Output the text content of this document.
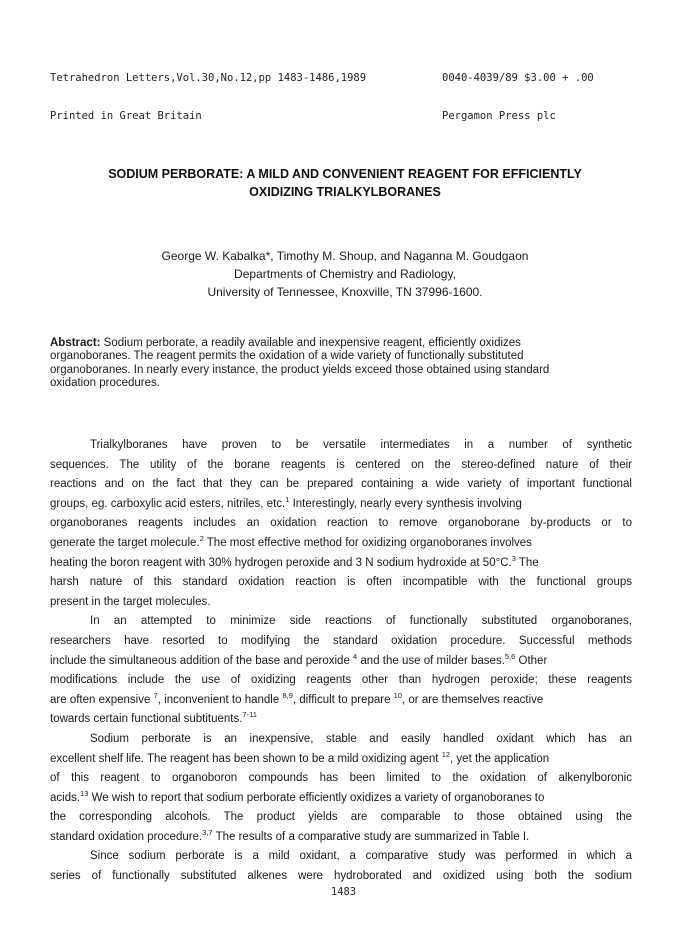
Tetrahedron Letters,Vol.30,No.12,pp 1483-1486,1989

Printed in Great Britain

0040-4039/89 $3.00 + .00

Pergamon Press plc

SODIUM PERBORATE: A MILD AND CONVENIENT REAGENT FOR EFFICIENTLY
OXIDIZING TRIALKYLBORANES
George W. Kabalka*, Timothy M. Shoup, and Naganna M. Goudgaon
Departments of Chemistry and Radiology,
University of Tennessee, Knoxville, TN 37996-1600.
Abstract: Sodium perborate, a readily available and inexpensive reagent, efficiently oxidizes
organoboranes. The reagent permits the oxidation of a wide variety of functionally substituted
organoboranes. In nearly every instance, the product yields exceed those obtained using standard
oxidation procedures.
Trialkylboranes have proven to be versatile intermediates in a number of synthetic
sequences. The utility of the borane reagents is centered on the stereo-defined nature of their
reactions and on the fact that they can be prepared containing a wide variety of important functional
groups, eg. carboxylic acid esters, nitriles, etc.$^1$ Interestingly, nearly every synthesis involving
organoboranes reagents includes an oxidation reaction to remove organoborane by-products or to
generate the target molecule.$^2$ The most effective method for oxidizing organoboranes involves
heating the boron reagent with 30% hydrogen peroxide and 3 N sodium hydroxide at 50°C.$^3$ The
harsh nature of this standard oxidation reaction is often incompatible with the functional groups
present in the target molecules.
In an attempted to minimize side reactions of functionally substituted organoboranes,
researchers have resorted to modifying the standard oxidation procedure. Successful methods
include the simultaneous addition of the base and peroxide $^4$ and the use of milder bases.$^{5,6}$ Other
modifications include the use of oxidizing reagents other than hydrogen peroxide; these reagents
are often expensive $^7$, inconvenient to handle $^{8,9}$, difficult to prepare $^{10}$, or are themselves reactive
towards certain functional subtituents.$^{7-11}$
Sodium perborate is an inexpensive, stable and easily handled oxidant which has an
excellent shelf life. The reagent has been shown to be a mild oxidizing agent $^{12}$, yet the application
of this reagent to organoboron compounds has been limited to the oxidation of alkenylboronic
acids.$^{13}$ We wish to report that sodium perborate efficiently oxidizes a variety of organoboranes to
the corresponding alcohols. The product yields are comparable to those obtained using the
standard oxidation procedure.$^{3,7}$ The results of a comparative study are summarized in Table I.
Since sodium perborate is a mild oxidant, a comparative study was performed in which a
series of functionally substituted alkenes were hydroborated and oxidized using both the sodium
1483
